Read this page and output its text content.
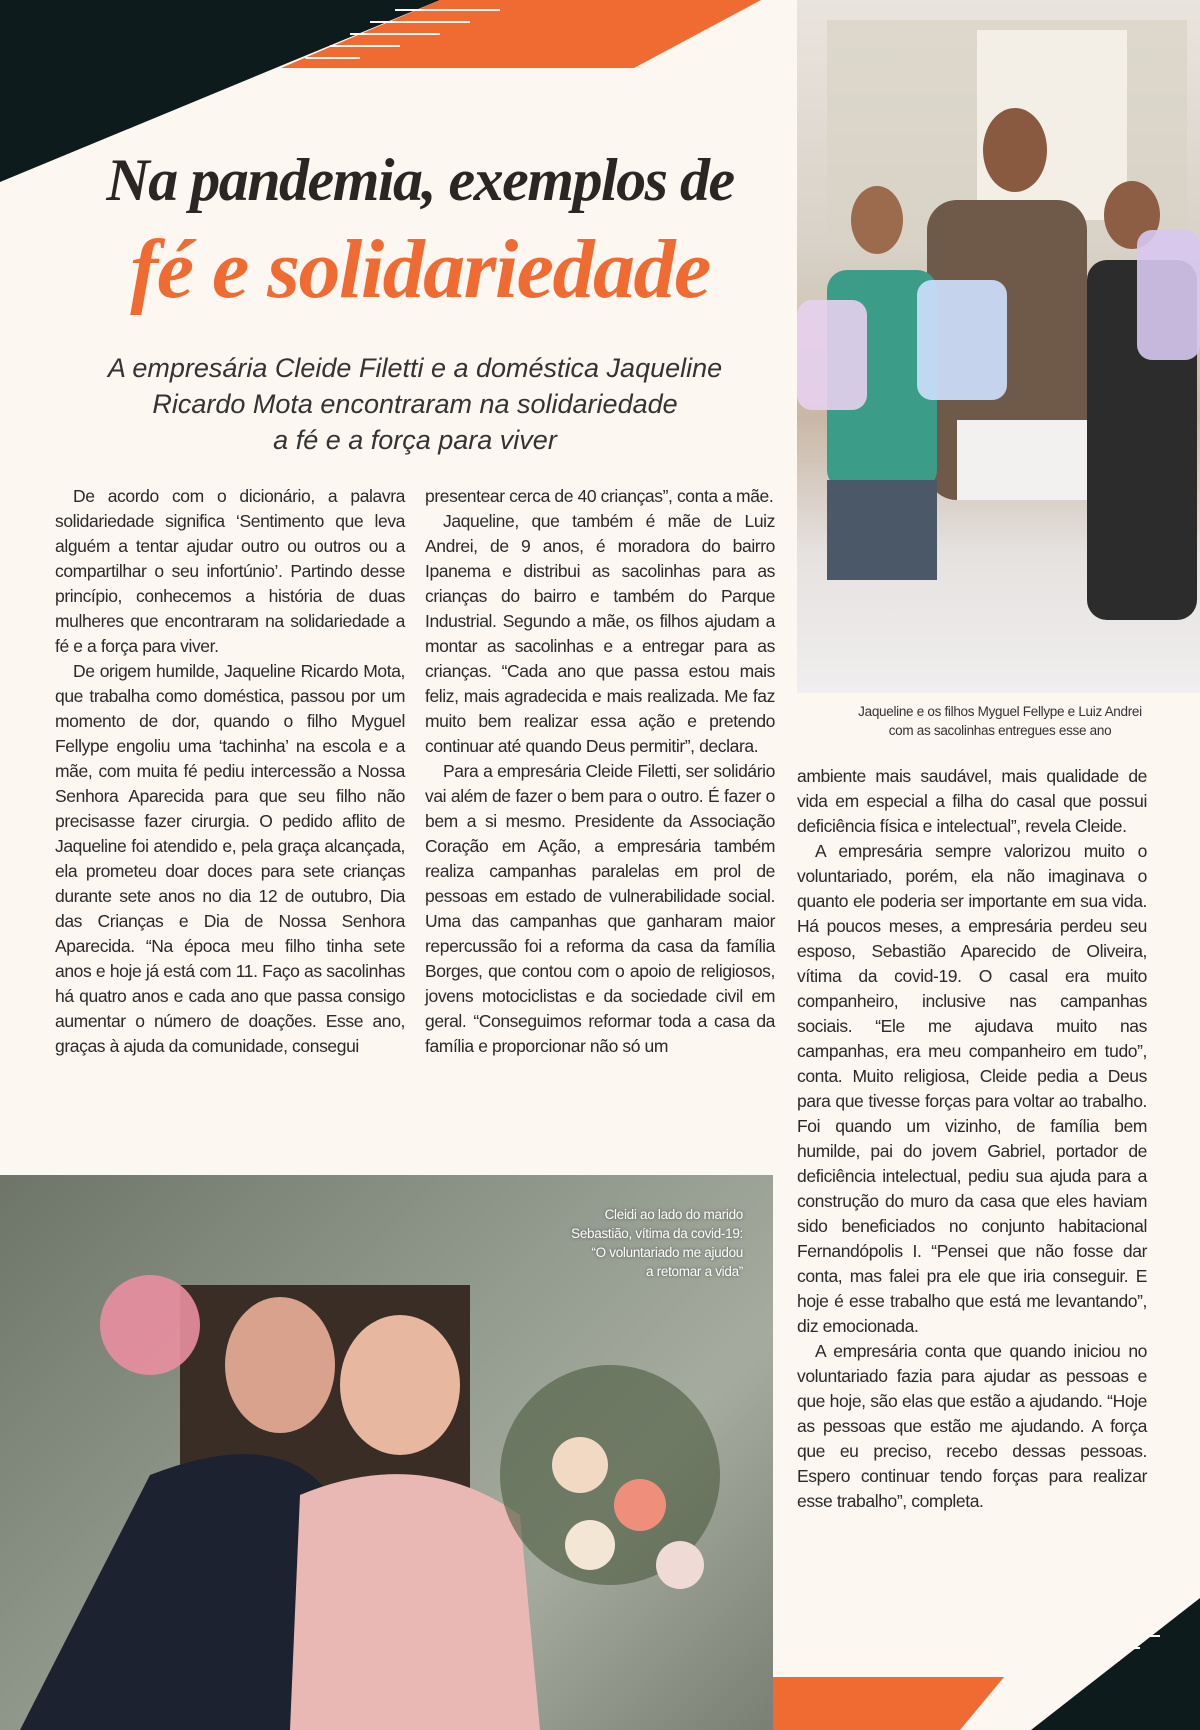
Na pandemia, exemplos de
fé e solidariedade
A empresária Cleide Filetti e a doméstica Jaqueline
Ricardo Mota encontraram na solidariedade
a fé e a força para viver
Jaqueline e os filhos Myguel Fellype e Luiz Andrei
com as sacolinhas entregues esse ano
Cleidi ao lado do marido
Sebastião, vítima da covid-19:
“O voluntariado me ajudou
a retomar a vida”

De acordo com o dicionário, a palavra solidariedade significa ‘Sentimento que leva alguém a tentar ajudar outro ou outros ou a compartilhar o seu infortúnio’. Partindo desse princípio, conhecemos a história de duas mulheres que encontraram na solidariedade a fé e a força para viver.

De origem humilde, Jaqueline Ricardo Mota, que trabalha como doméstica, passou por um momento de dor, quando o filho Myguel Fellype engoliu uma ‘tachinha’ na escola e a mãe, com muita fé pediu intercessão a Nossa Senhora Aparecida para que seu filho não precisasse fazer cirurgia. O pedido aflito de Jaqueline foi atendido e, pela graça alcançada, ela prometeu doar doces para sete crianças durante sete anos no dia 12 de outubro, Dia das Crianças e Dia de Nossa Senhora Aparecida. “Na época meu filho tinha sete anos e hoje já está com 11. Faço as sacolinhas há quatro anos e cada ano que passa consigo aumentar o número de doações. Esse ano, graças à ajuda da comunidade, consegui

presentear cerca de 40 crianças”, conta a mãe.

Jaqueline, que também é mãe de Luiz Andrei, de 9 anos, é moradora do bairro Ipanema e distribui as sacolinhas para as crianças do bairro e também do Parque Industrial. Segundo a mãe, os filhos ajudam a montar as sacolinhas e a entregar para as crianças. “Cada ano que passa estou mais feliz, mais agradecida e mais realizada. Me faz muito bem realizar essa ação e pretendo continuar até quando Deus permitir”, declara.

Para a empresária Cleide Filetti, ser solidário vai além de fazer o bem para o outro. É fazer o bem a si mesmo. Presidente da Associação Coração em Ação, a empresária também realiza campanhas paralelas em prol de pessoas em estado de vulnerabilidade social. Uma das campanhas que ganharam maior repercussão foi a reforma da casa da família Borges, que contou com o apoio de religiosos, jovens motociclistas e da sociedade civil em geral. “Conseguimos reformar toda a casa da família e proporcionar não só um

ambiente mais saudável, mais qualidade de vida em especial a filha do casal que possui deficiência física e intelectual”, revela Cleide.

A empresária sempre valorizou muito o voluntariado, porém, ela não imaginava o quanto ele poderia ser importante em sua vida. Há poucos meses, a empresária perdeu seu esposo, Sebastião Aparecido de Oliveira, vítima da covid-19. O casal era muito companheiro, inclusive nas campanhas sociais. “Ele me ajudava muito nas campanhas, era meu companheiro em tudo”, conta. Muito religiosa, Cleide pedia a Deus para que tivesse forças para voltar ao trabalho. Foi quando um vizinho, de família bem humilde, pai do jovem Gabriel, portador de deficiência intelectual, pediu sua ajuda para a construção do muro da casa que eles haviam sido beneficiados no conjunto habitacional Fernandópolis I. “Pensei que não fosse dar conta, mas falei pra ele que iria conseguir. E hoje é esse trabalho que está me levantando”, diz emocionada.

A empresária conta que quando iniciou no voluntariado fazia para ajudar as pessoas e que hoje, são elas que estão a ajudando. “Hoje as pessoas que estão me ajudando. A força que eu preciso, recebo dessas pessoas. Espero continuar tendo forças para realizar esse trabalho”, completa.
